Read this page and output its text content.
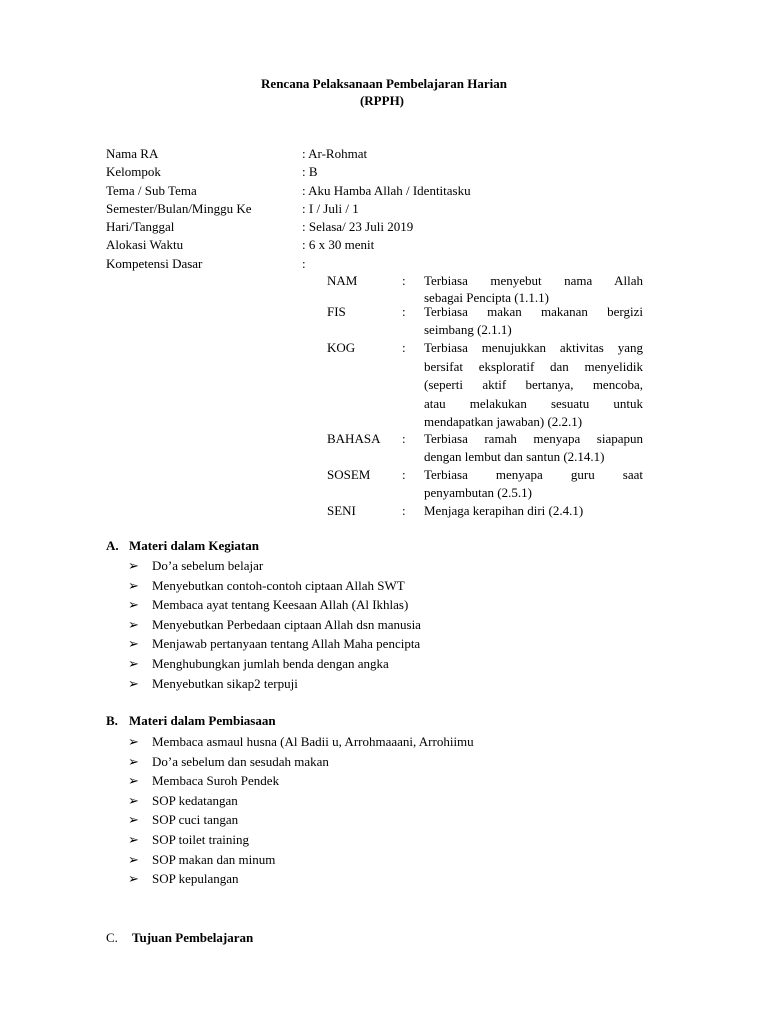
Rencana Pelaksanaan Pembelajaran Harian
(RPPH)
Nama RA	: Ar-Rohmat
Kelompok	: B
Tema / Sub Tema	: Aku Hamba Allah / Identitasku
Semester/Bulan/Minggu Ke	: I / Juli / 1
Hari/Tanggal	: Selasa/ 23 Juli 2019
Alokasi Waktu	: 6 x 30 menit
Kompetensi Dasar	:
NAM	: Terbiasa menyebut nama Allah
sebagai Pencipta (1.1.1)
FIS	: Terbiasa makan makanan bergizi
seimbang (2.1.1)
KOG	: Terbiasa menujukkan aktivitas yang
bersifat eksploratif dan menyelidik
(seperti aktif bertanya, mencoba,
atau melakukan sesuatu untuk
mendapatkan jawaban) (2.2.1)
BAHASA : Terbiasa ramah menyapa siapapun
dengan lembut dan santun (2.14.1)
SOSEM : Terbiasa menyapa guru saat
penyambutan (2.5.1)
SENI	: Menjaga kerapihan diri (2.4.1)
A. Materi dalam Kegiatan
➢ Do’a sebelum belajar
➢ Menyebutkan contoh-contoh ciptaan Allah SWT
➢ Membaca ayat tentang Keesaan Allah (Al Ikhlas)
➢ Menyebutkan Perbedaan ciptaan Allah dsn manusia
➢ Menjawab pertanyaan tentang Allah Maha pencipta
➢ Menghubungkan jumlah benda dengan angka
➢ Menyebutkan sikap2 terpuji
B. Materi dalam Pembiasaan
➢ Membaca asmaul husna (Al Badii u, Arrohmaaani, Arrohiimu
➢ Do’a sebelum dan sesudah makan
➢ Membaca Suroh Pendek
➢ SOP kedatangan
➢ SOP cuci tangan
➢ SOP toilet training
➢ SOP makan dan minum
➢ SOP kepulangan
C. Tujuan Pembelajaran
